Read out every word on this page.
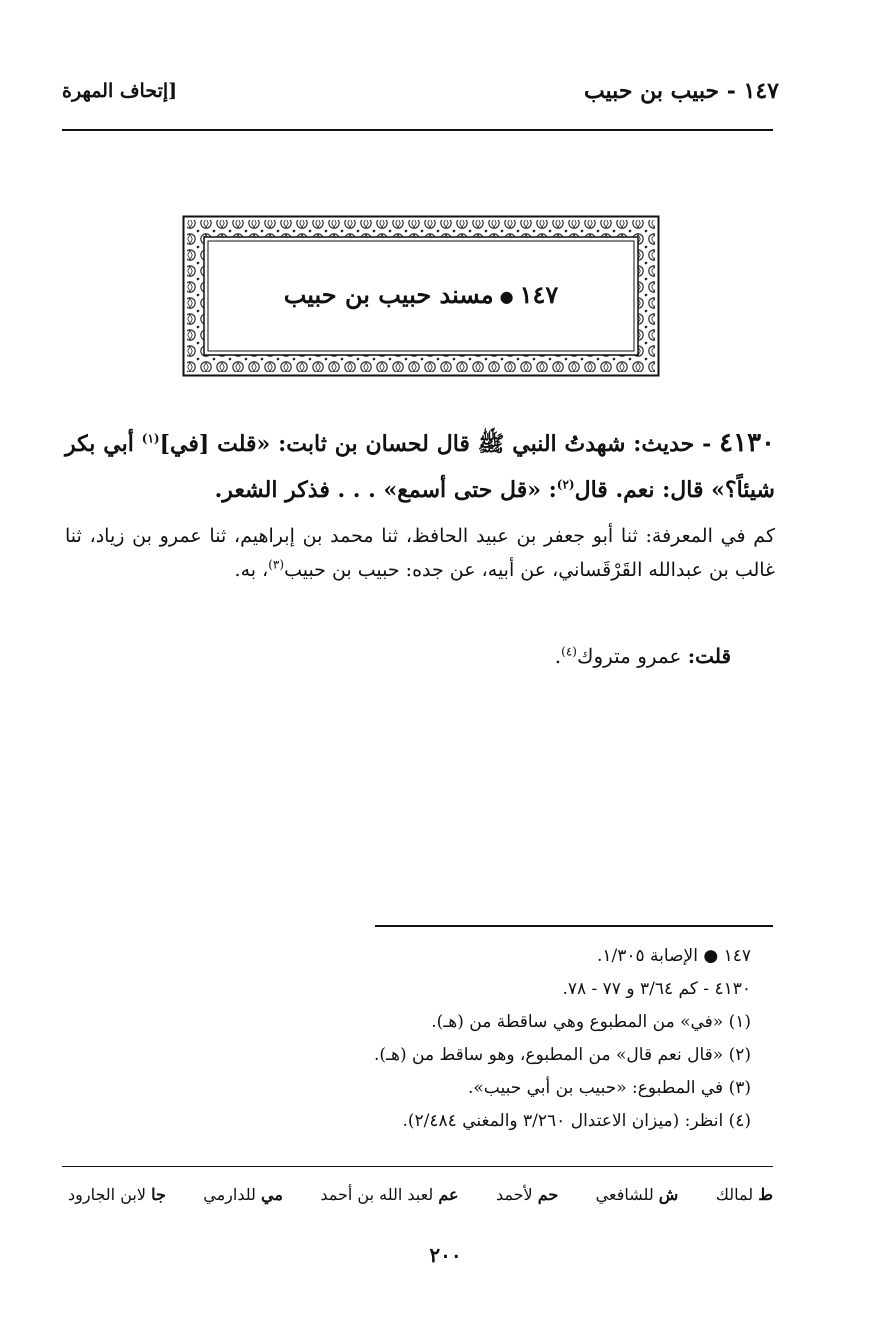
١٤٧ - حبيب بن حبيب
[إتحاف المهرة
١٤٧●مسند حبيب بن حبيب
٤١٣٠ - حديث: شهدتُ النبي ﷺ قال لحسان بن ثابت: «قلت [في]$^{(١)}$ أبي بكر شيئاً؟» قال: نعم. قال$^{(٢)}$: «قل حتى أسمع» . . . فذكر الشعر.
كم في المعرفة: ثنا أبو جعفر بن عبيد الحافظ، ثنا محمد بن إبراهيم، ثنا عمرو بن زياد، ثنا غالب بن عبدالله القَرْقَساني، عن أبيه، عن جده: حبيب بن حبيب$^{(٣)}$، به.
قلت: عمرو متروك$^{(٤)}$.
١٤٧ ● الإصابة ١/٣٠٥.
٤١٣٠ - كم ٣/٦٤ و ٧٧ - ٧٨.
(١) «في» من المطبوع وهي ساقطة من (هـ).
(٢) «قال نعم قال» من المطبوع، وهو ساقط من (هـ).
(٣) في المطبوع: «حبيب بن أبي حبيب».
(٤) انظر: (ميزان الاعتدال ٣/٢٦٠ والمغني ٢/٤٨٤).
ط لمالك
ش للشافعي
حم لأحمد
عم لعبد الله بن أحمد
مي للدارمي
جا لابن الجارود
٢٠٠
